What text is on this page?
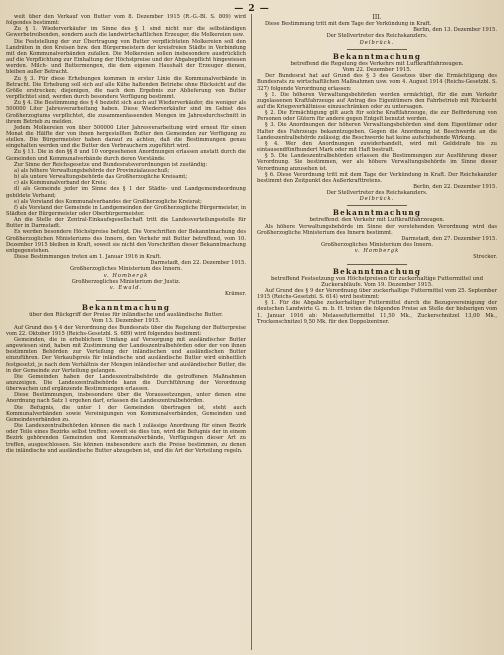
— 2 —

weit über den Verkauf von Butter vom 8. Dezember 1915 (R.-G.-Bl. S. 809) wird folgendes bestimmt:

Zu § 1. Wiederverkäufer im Sinne des § 1 sind nicht nur die selbständigen Gewerbetreibenden, sondern auch die landwirtschaftlichen Erzeuger, die Molkereien usw.

Die Feststellung der zur Übertragung von Butter verpflichteten Molkereien soll den Landräten in den Kreisen bzw. den Bürgermeistern der kreisfreien Städte in Verbindung mit den Kommunalverbänden zufallen. Die Molkereien sollen insbesondere ausdrücklich auf die Verpflichtung zur Einhaltung der Höchstpreise und der Abgabepflicht hingewiesen werden. Milch- und Buttermengen, die dem eigenen Haushalt der Erzeuger dienen, bleiben außer Betracht.

Zu § 3. Für diese Erhebungen kommen in erster Linie die Kommunalverbände in Betracht. Die Erhebung soll sich auf alle Kühe haltenden Betriebe ohne Rücksicht auf die Größe erstrecken; diejenigen, die nach dem Ergebnis zur Ablieferung von Butter verpflichtet sind, werden durch besondere Verfügung bestimmt.

Zu § 4. Die Bestimmung des § 4 bezieht sich auch auf Wiederverkäufer, die weniger als 500000 Liter Jahresverarbeitung haben. Diese Wiederverkäufer sind im Gebiet des Großherzogtums verpflichtet, die zusammenfassenden Mengen im Jahresdurchschnitt in ihrem Betrieb zu melden.

Jedem Molkereien von über 500000 Liter Jahresverarbeitung wird erneut für einen Monat die Hälfte der von ihnen hergestellten Butter den Gemeinden zur Verfügung zu stellen. Die Bürgermeister haben darauf zu achten, daß die Bestimmungen genau eingehalten werden und die Butter den Verbrauchern zugeführt wird.

Zu § 11. Die in den §§ 8 und 10 vorgesehenen Anordnungen erlassen anstatt durch die Gemeinden und Kommunalverbände durch deren Vorstände.

Zur Sinne der Reichsgesetze und Bundesratsverordnungen ist zuständig:

a) als höhere Verwaltungsbehörde der Provinzialausschuß;

b) als untere Verwaltungsbehörde das Großherzogliche Kreisamt;

c) als Kommunalverband der Kreis;

d) als Gemeinde jeder im Sinne des § 1 der Städte- und Landgemeindeordnung gebildete Verband;

e) als Vorstand des Kommunalverbandes der Großherzogliche Kreisrat;

f) als Vorstand der Gemeinde in Landgemeinden der Großherzogliche Bürgermeister, in Städten der Bürgermeister oder Oberbürgermeister.

An die Stelle der Zentral-Einkaufsgesellschaft tritt die Landesverteilungsstelle für Butter in Darmstadt.

Es werden besondere Höchstpreise befolgt. Die Vorschriften der Bekanntmachung des Großherzoglichen Ministeriums des Innern, den Verkehr mit Butter betreffend, vom 10. Dezember 1915 bleiben in Kraft, soweit sie nicht den Vorschriften dieser Bekanntmachung entgegenstehen.

Diese Bestimmungen treten am 1. Januar 1916 in Kraft.

Darmstadt, den 22. Dezember 1915.

Großherzogliches Ministerium des Innern.

v. Hombergk

Großherzogliches Ministerium der Justiz.

v. Ewald.

Krämer.

Bekanntmachung

über den Rückgriff der Preise für inländische und ausländische Butter.

Vom 13. Dezember 1915.

Auf Grund des § 4 der Verordnung des Bundesrats über die Regelung der Butterpreise vom 22. Oktober 1915 (Reichs-Gesetzbl. S. 689) wird folgendes bestimmt:

Gemeinden, die in erheblichem Umfang auf Versorgung mit ausländischer Butter angewiesen sind, haben mit Zustimmung der Landeszentralbehörden oder der von ihnen bestimmten Behörden zur Verteilung der inländischen und ausländischen Butter einzuführen. Der Verkaufspreis für inländische und ausländische Butter wird einheitlich festgesetzt, je nach dem Verhältnis der Mengen inländischer und ausländischer Butter, die in der Gemeinde zur Verteilung gelangen.

Die Gemeinden haben der Landeszentralbehörde die getroffenen Maßnahmen anzuzeigen. Die Landeszentralbehörde kann die Durchführung der Verordnung überwachen und ergänzende Bestimmungen erlassen.

Diese Bestimmungen, insbesondere über die Voraussetzungen, unter denen eine Anordnung nach Satz 1 ergehen darf, erlassen die Landeszentralbehörden.

Die Befugnis, die unter I der Gemeinden übertragen ist, steht auch Kommunalverbänden sowie Vereinigungen von Kommunalverbänden, Gemeinden und Gemeindeverbänden zu.

Die Landeszentralbehörden können die nach I zulässige Anordnung für einen Bezirk oder Teile eines Bezirks selbst treffen; soweit sie dies tun, wird die Befugnis der in einem Bezirk gehörenden Gemeinden und Kommunalverbände, Verfügungen dieser Art zu treffen, ausgeschlossen. Sie können insbesondere auch die Preise bestimmen, zu denen die inländische und ausländische Butter abzugeben ist, und die Art der Verteilung regeln.

III.

Diese Bestimmung tritt mit dem Tage der Verkündung in Kraft.

Berlin, den 13. Dezember 1915.

Der Stellvertreter des Reichskanzlers.

Delbrück.

Bekanntmachung

betreffend die Regelung des Verkehrs mit Luftkraftfahrzeugen.

Vom 22. Dezember 1915.

Der Bundesrat hat auf Grund des § 3 des Gesetzes über die Ermächtigung des Bundesrats zu wirtschaftlichen Maßnahmen usw. vom 4. August 1914 (Reichs-Gesetzbl. S. 327) folgende Verordnung erlassen:

§ 1. Die höheren Verwaltungsbehörden werden ermächtigt, für die zum Verkehr zugelassenen Kraftfahrzeuge auf Antrag des Eigentümers den Fahrbetrieb mit Rücksicht auf die Kriegsverhältnisse einzuschränken oder zu untersagen.

§ 2. Die Ermächtigung gilt auch für solche Kraftfahrzeuge, die zur Beförderung von Personen oder Gütern für andere gegen Entgelt benutzt werden.

§ 3. Die Anordnungen der höheren Verwaltungsbehörden sind dem Eigentümer oder Halter des Fahrzeugs bekanntzugeben. Gegen die Anordnung ist Beschwerde an die Landeszentralbehörde zulässig; die Beschwerde hat keine aufschiebende Wirkung.

§ 4. Wer den Anordnungen zuwiderhandelt, wird mit Geldstrafe bis zu eintausendfünfhundert Mark oder mit Haft bestraft.

§ 5. Die Landeszentralbehörden erlassen die Bestimmungen zur Ausführung dieser Verordnung. Sie bestimmen, wer als höhere Verwaltungsbehörde im Sinne dieser Verordnung anzusehen ist.

§ 6. Diese Verordnung tritt mit dem Tage der Verkündung in Kraft. Der Reichskanzler bestimmt den Zeitpunkt des Außerkrafttretens.

Berlin, den 22. Dezember 1915.

Der Stellvertreter des Reichskanzlers.

Delbrück.

Bekanntmachung

betreffend: den Verkehr mit Luftkraftfahrzeugen.

Als höhere Verwaltungsbehörde im Sinne der vorstehenden Verordnung wird das Großherzogliche Ministerium des Innern bestimmt.

Darmstadt, den 27. Dezember 1915.

Großherzogliches Ministerium des Innern.

v. Hombergk

Strecker.

Bekanntmachung

betreffend Festsetzung von Höchstpreisen für zuckerhaltige Futtermittel und Zuckerabläufe. Vom 19. Dezember 1915.

Auf Grund des § 9 der Verordnung über zuckerhaltige Futtermittel vom 25. September 1915 (Reichs-Gesetzbl. S. 614) wird bestimmt:

§ 1. Für die Abgabe zuckerhaltiger Futtermittel durch die Bezugsvereinigung der deutschen Landwirte G. m. b. H. treten die folgenden Preise an Stelle der bisherigen vom 1. Januar 1916 ab: Melassefuttermittel 11,50 Mk., Zuckerschnitzel 13,00 Mk., Trockenschnitzel 9,50 Mk. für den Doppelzentner.
